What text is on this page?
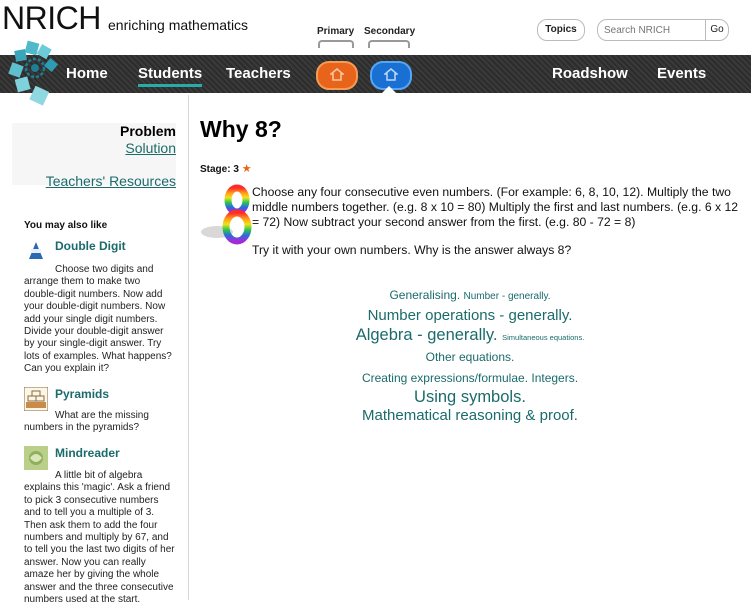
NRICH enriching mathematics	Primary Secondary	Topics
Search NRICH	Go
Home Students Teachers	Roadshow Events
Problem
Solution
Teachers' Resources
You may also like
Double Digit
Choose two digits and arrange them to make two double-digit numbers. Now add your double-digit numbers. Now add your single digit numbers. Divide your double-digit answer by your single-digit answer. Try lots of examples. What happens? Can you explain it?
Pyramids
What are the missing numbers in the pyramids?
Mindreader
A little bit of algebra explains this 'magic'. Ask a friend to pick 3 consecutive numbers and to tell you a multiple of 3. Then ask them to add the four numbers and multiply by 67, and to tell you the last two digits of her answer. Now you can really amaze her by giving the whole answer and the three consecutive numbers used at the start.
Why 8?
Stage: 3 ★
Choose any four consecutive even numbers. (For example: 6, 8, 10, 12). Multiply the two middle numbers together. (e.g. 8 x 10 = 80) Multiply the first and last numbers. (e.g. 6 x 12 = 72) Now subtract your second answer from the first. (e.g. 80 - 72 = 8)
Try it with your own numbers. Why is the answer always 8?
Generalising. Number - generally.
Number operations - generally.
Algebra - generally. Simultaneous equations.
Other equations.
Creating expressions/formulae. Integers.
Using symbols.
Mathematical reasoning & proof.
